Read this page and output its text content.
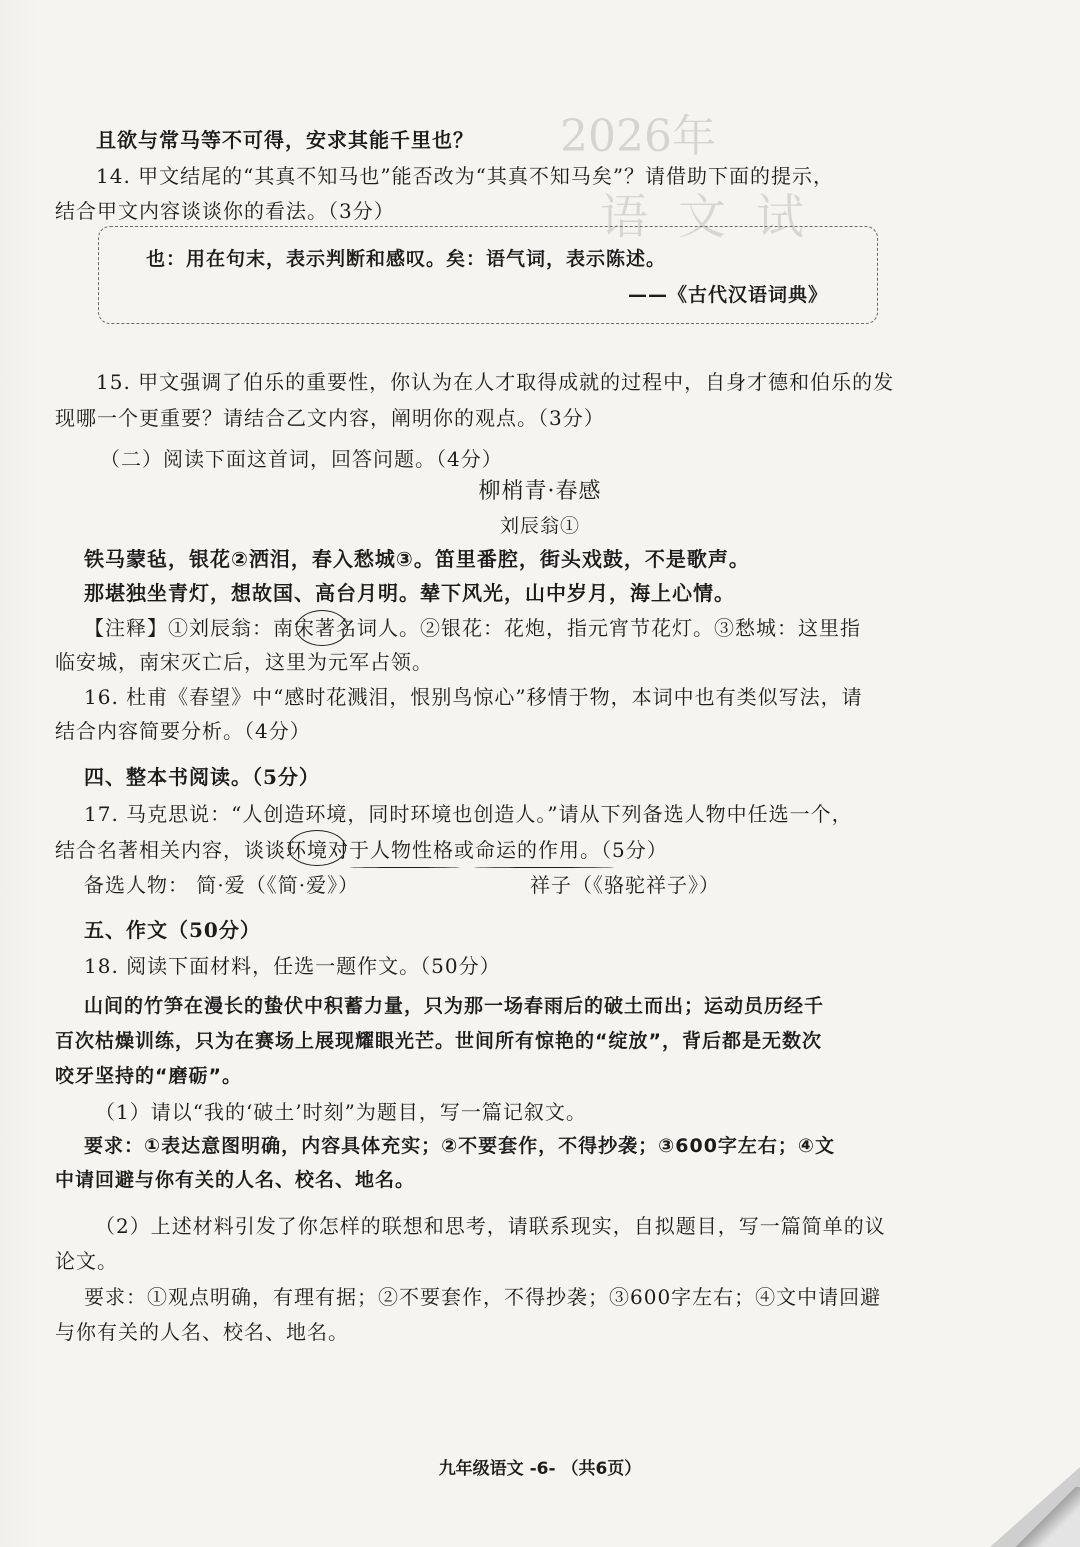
2026年
语文试
且欲与常马等不可得，安求其能千里也？
14. 甲文结尾的“其真不知马也”能否改为“其真不知马矣”？请借助下面的提示，
结合甲文内容谈谈你的看法。（3分）
也：用在句末，表示判断和感叹。矣：语气词，表示陈述。
——《古代汉语词典》
15. 甲文强调了伯乐的重要性，你认为在人才取得成就的过程中，自身才德和伯乐的发
现哪一个更重要？请结合乙文内容，阐明你的观点。（3分）
（二）阅读下面这首词，回答问题。（4分）
柳梢青·春感
刘辰翁①
铁马蒙毡，银花②洒泪，春入愁城③。笛里番腔，街头戏鼓，不是歌声。
那堪独坐青灯，想故国、高台月明。辇下风光，山中岁月，海上心情。
【注释】①刘辰翁：南宋著名词人。②银花：花炮，指元宵节花灯。③愁城：这里指
临安城，南宋灭亡后，这里为元军占领。
16. 杜甫《春望》中“感时花溅泪，恨别鸟惊心”移情于物，本词中也有类似写法，请
结合内容简要分析。（4分）
四、整本书阅读。（5分）
17. 马克思说：“人创造环境，同时环境也创造人。”请从下列备选人物中任选一个，
结合名著相关内容，谈谈环境对于人物性格或命运的作用。（5分）
备选人物： 简·爱（《简·爱》）	祥子（《骆驼祥子》）
五、作文（50分）
18. 阅读下面材料，任选一题作文。（50分）
山间的竹笋在漫长的蛰伏中积蓄力量，只为那一场春雨后的破土而出；运动员历经千
百次枯燥训练，只为在赛场上展现耀眼光芒。世间所有惊艳的“绽放”，背后都是无数次
咬牙坚持的“磨砺”。
（1）请以“我的‘破土’时刻”为题目，写一篇记叙文。
要求：①表达意图明确，内容具体充实；②不要套作，不得抄袭；③600字左右；④文
中请回避与你有关的人名、校名、地名。
（2）上述材料引发了你怎样的联想和思考，请联系现实，自拟题目，写一篇简单的议
论文。
要求：①观点明确，有理有据；②不要套作，不得抄袭；③600字左右；④文中请回避
与你有关的人名、校名、地名。
九年级语文 -6- （共6页）
